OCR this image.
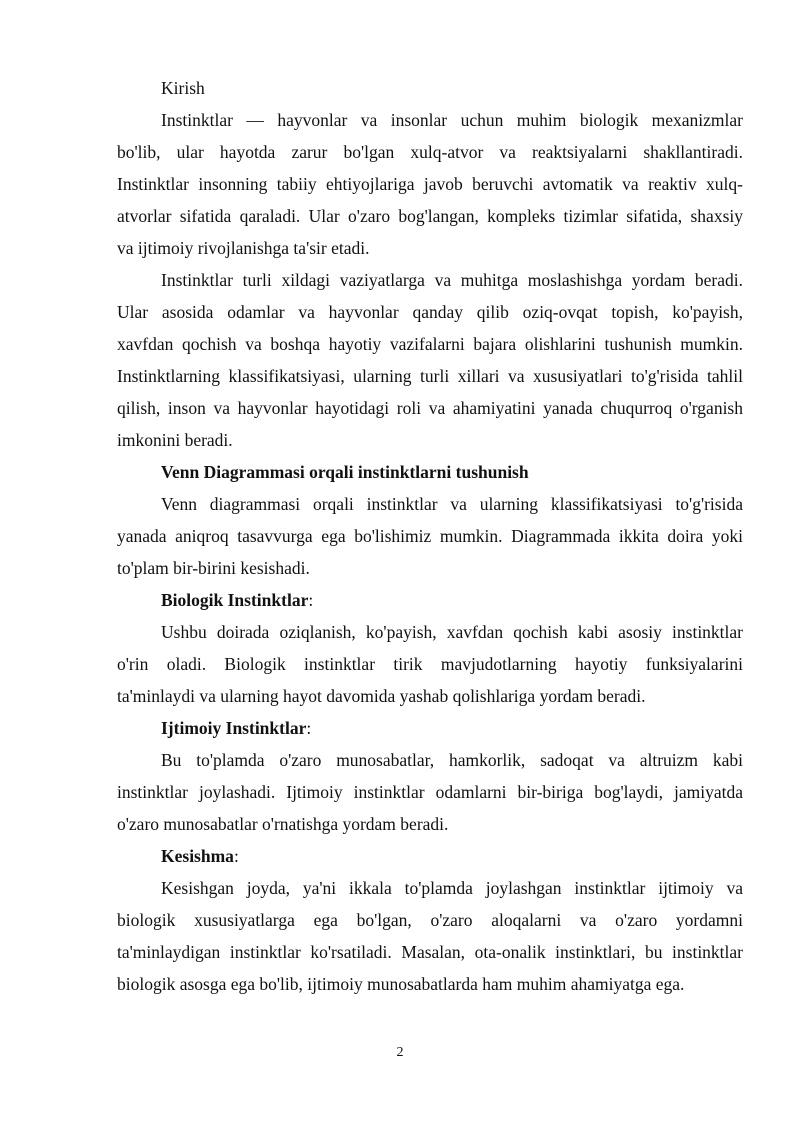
Kirish
Instinktlar — hayvonlar va insonlar uchun muhim biologik mexanizmlar
bo'lib, ular hayotda zarur bo'lgan xulq-atvor va reaktsiyalarni shakllantiradi.
Instinktlar insonning tabiiy ehtiyojlariga javob beruvchi avtomatik va reaktiv xulq-
atvorlar sifatida qaraladi. Ular o'zaro bog'langan, kompleks tizimlar sifatida, shaxsiy
va ijtimoiy rivojlanishga ta'sir etadi.
Instinktlar turli xildagi vaziyatlarga va muhitga moslashishga yordam beradi.
Ular asosida odamlar va hayvonlar qanday qilib oziq-ovqat topish, ko'payish,
xavfdan qochish va boshqa hayotiy vazifalarni bajara olishlarini tushunish mumkin.
Instinktlarning klassifikatsiyasi, ularning turli xillari va xususiyatlari to'g'risida tahlil
qilish, inson va hayvonlar hayotidagi roli va ahamiyatini yanada chuqurroq o'rganish
imkonini beradi.
Venn Diagrammasi orqali instinktlarni tushunish
Venn diagrammasi orqali instinktlar va ularning klassifikatsiyasi to'g'risida
yanada aniqroq tasavvurga ega bo'lishimiz mumkin. Diagrammada ikkita doira yoki
to'plam bir-birini kesishadi.
Biologik Instinktlar:
Ushbu doirada oziqlanish, ko'payish, xavfdan qochish kabi asosiy instinktlar
o'rin oladi. Biologik instinktlar tirik mavjudotlarning hayotiy funksiyalarini
ta'minlaydi va ularning hayot davomida yashab qolishlariga yordam beradi.
Ijtimoiy Instinktlar:
Bu to'plamda o'zaro munosabatlar, hamkorlik, sadoqat va altruizm kabi
instinktlar joylashadi. Ijtimoiy instinktlar odamlarni bir-biriga bog'laydi, jamiyatda
o'zaro munosabatlar o'rnatishga yordam beradi.
Kesishma:
Kesishgan joyda, ya'ni ikkala to'plamda joylashgan instinktlar ijtimoiy va
biologik xususiyatlarga ega bo'lgan, o'zaro aloqalarni va o'zaro yordamni
ta'minlaydigan instinktlar ko'rsatiladi. Masalan, ota-onalik instinktlari, bu instinktlar
biologik asosga ega bo'lib, ijtimoiy munosabatlarda ham muhim ahamiyatga ega.
2
